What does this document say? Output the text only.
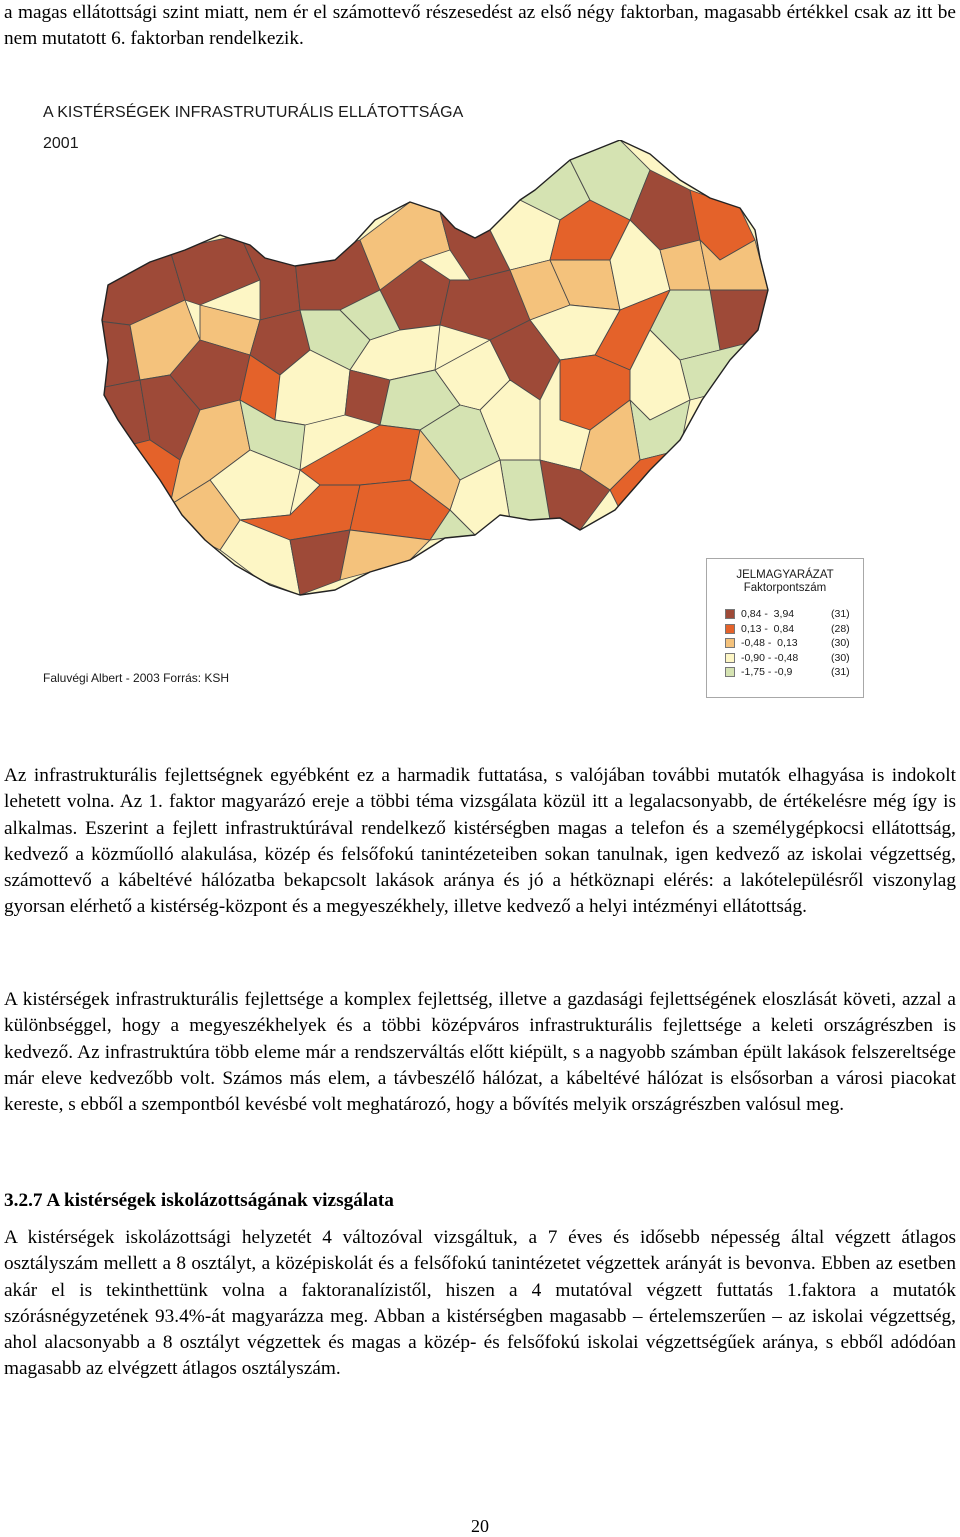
a magas ellátottsági szint miatt, nem ér el számottevő részesedést az első négy faktorban, magasabb értékkel csak az itt be nem mutatott 6. faktorban rendelkezik.

A KISTÉRSÉGEK INFRASTRUTURÁLIS ELLÁTOTTSÁGA
2001
Faluvégi Albert - 2003 Forrás: KSH
JELMAGYARÁZAT
Faktorpontszám
0,84 -  3,94	(31)
0,13 -  0,84	(28)
-0,48 -  0,13	(30)
-0,90 - -0,48	(30)
-1,75 - -0,9	(31)

Az infrastrukturális fejlettségnek egyébként ez a harmadik futtatása, s valójában további mutatók elhagyása is indokolt lehetett volna. Az 1. faktor magyarázó ereje a többi téma vizsgálata közül itt a legalacsonyabb, de értékelésre még így is alkalmas. Eszerint a fejlett infrastruktúrával rendelkező kistérségben magas a telefon és a személygépkocsi ellátottság, kedvező a közműolló alakulása, közép és felsőfokú tanintézeteiben sokan tanulnak, igen kedvező az iskolai végzettség, számottevő a kábeltévé hálózatba bekapcsolt lakások aránya és jó a hétköznapi elérés: a lakótelepülésről viszonylag gyorsan elérhető a kistérség-központ és a megyeszékhely, illetve kedvező a helyi intézményi ellátottság.

A kistérségek infrastrukturális fejlettsége a komplex fejlettség, illetve a gazdasági fejlettségének eloszlását követi, azzal a különbséggel, hogy a megyeszékhelyek és a többi középváros infrastrukturális fejlettsége a keleti országrészben is kedvező. Az infrastruktúra több eleme már a rendszerváltás előtt kiépült, s a nagyobb számban épült lakások felszereltsége már eleve kedvezőbb volt. Számos más elem, a távbeszélő hálózat, a kábeltévé hálózat is elsősorban a városi piacokat kereste, s ebből a szempontból kevésbé volt meghatározó, hogy a bővítés melyik országrészben valósul meg.

3.2.7 A kistérségek iskolázottságának vizsgálata

A kistérségek iskolázottsági helyzetét 4 változóval vizsgáltuk, a 7 éves és idősebb népesség által végzett átlagos osztályszám mellett a 8 osztályt, a középiskolát és a felsőfokú tanintézetet végzettek arányát is bevonva. Ebben az esetben akár el is tekinthettünk volna a faktoranalízistől, hiszen a 4 mutatóval végzett futtatás 1.faktora a mutatók szórásnégyzetének 93.4%-át magyarázza meg. Abban a kistérségben magasabb – értelemszerűen – az iskolai végzettség, ahol alacsonyabb a 8 osztályt végzettek és magas a közép- és felsőfokú iskolai végzettségűek aránya, s ebből adódóan magasabb az elvégzett átlagos osztályszám.

20
